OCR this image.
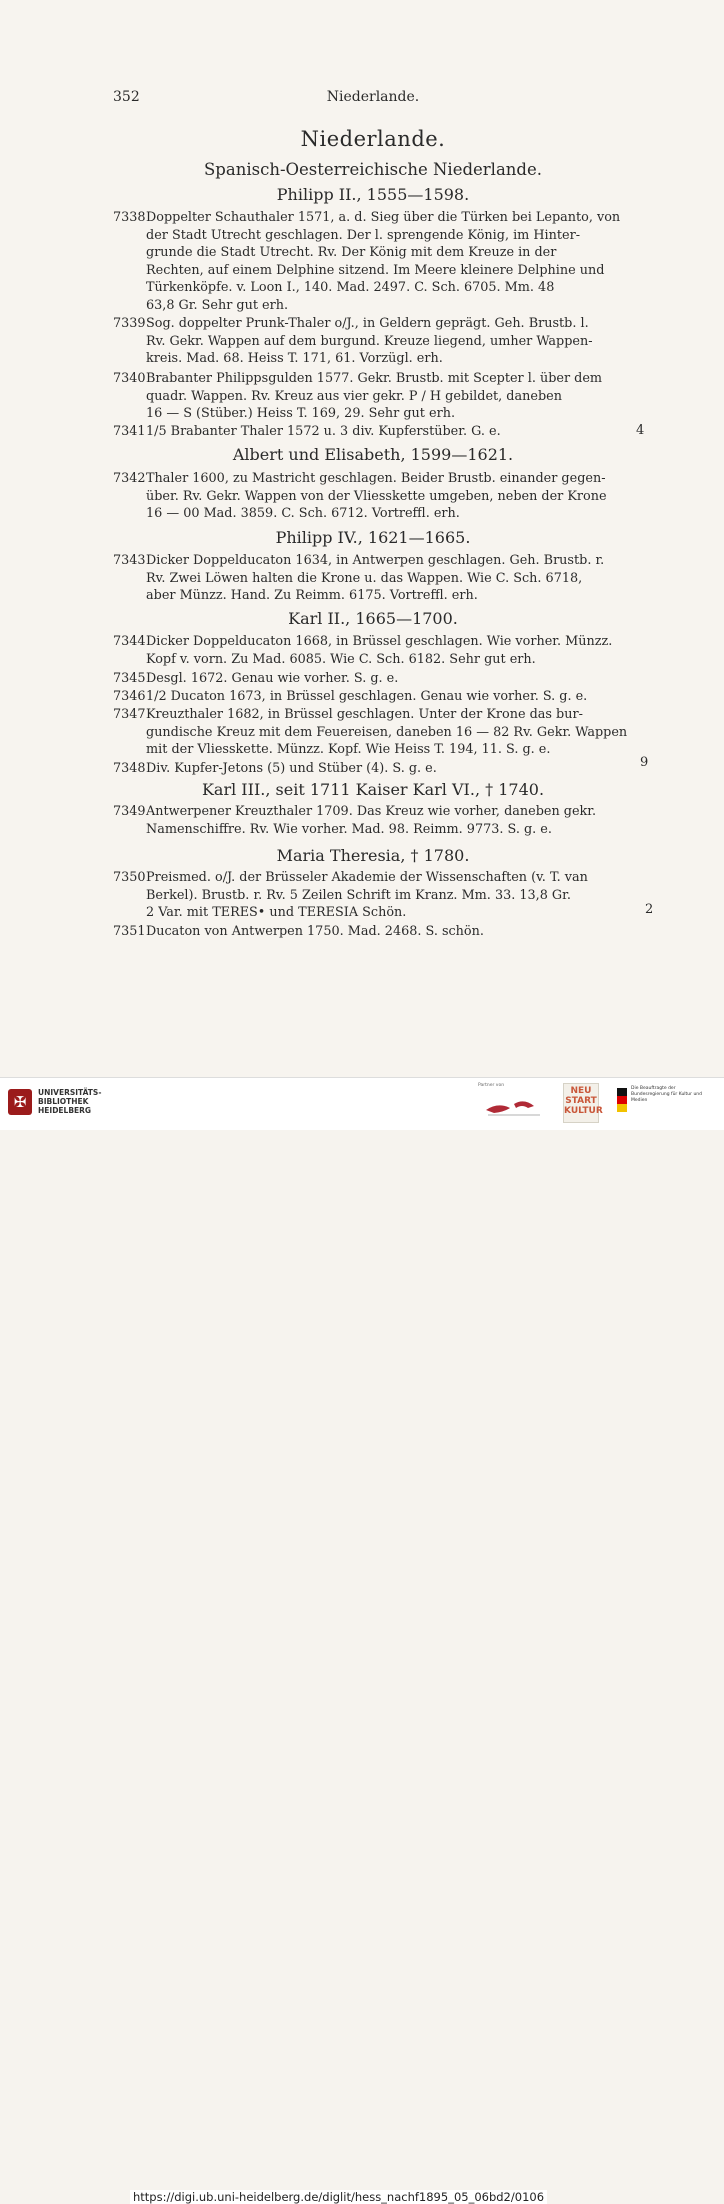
352	Niederlande.
Niederlande.
Spanisch-Oesterreichische Niederlande.
Philipp II., 1555—1598.
7338 Doppelter Schauthaler 1571, a. d. Sieg über die Türken bei Lepanto, von
der Stadt Utrecht geschlagen. Der l. sprengende König, im Hinter-
grunde die Stadt Utrecht. Rv. Der König mit dem Kreuze in der
Rechten, auf einem Delphine sitzend. Im Meere kleinere Delphine und
Türkenköpfe. v. Loon I., 140. Mad. 2497. C. Sch. 6705. Mm. 48
63,8 Gr. Sehr gut erh.
7339 Sog. doppelter Prunk-Thaler o/J., in Geldern geprägt. Geh. Brustb. l.
Rv. Gekr. Wappen auf dem burgund. Kreuze liegend, umher Wappen-
kreis. Mad. 68. Heiss T. 171, 61. Vorzügl. erh.
7340 Brabanter Philippsgulden 1577. Gekr. Brustb. mit Scepter l. über dem
quadr. Wappen. Rv. Kreuz aus vier gekr. P / H gebildet, daneben
16 — S (Stüber.) Heiss T. 169, 29. Sehr gut erh.
7341 1/5 Brabanter Thaler 1572 u. 3 div. Kupferstüber. G. e.	4
Albert und Elisabeth, 1599—1621.
7342 Thaler 1600, zu Mastricht geschlagen. Beider Brustb. einander gegen-
über. Rv. Gekr. Wappen von der Vliesskette umgeben, neben der Krone
16 — 00 Mad. 3859. C. Sch. 6712. Vortreffl. erh.
Philipp IV., 1621—1665.
7343 Dicker Doppelducaton 1634, in Antwerpen geschlagen. Geh. Brustb. r.
Rv. Zwei Löwen halten die Krone u. das Wappen. Wie C. Sch. 6718,
aber Münzz. Hand. Zu Reimm. 6175. Vortreffl. erh.
Karl II., 1665—1700.
7344 Dicker Doppelducaton 1668, in Brüssel geschlagen. Wie vorher. Münzz.
Kopf v. vorn. Zu Mad. 6085. Wie C. Sch. 6182. Sehr gut erh.
7345 Desgl. 1672. Genau wie vorher. S. g. e.
7346 1/2 Ducaton 1673, in Brüssel geschlagen. Genau wie vorher. S. g. e.
7347 Kreuzthaler 1682, in Brüssel geschlagen. Unter der Krone das bur-
gundische Kreuz mit dem Feuereisen, daneben 16 — 82 Rv. Gekr. Wappen
mit der Vliesskette. Münzz. Kopf. Wie Heiss T. 194, 11. S. g. e.
7348 Div. Kupfer-Jetons (5) und Stüber (4). S. g. e.	9
Karl III., seit 1711 Kaiser Karl VI., † 1740.
7349 Antwerpener Kreuzthaler 1709. Das Kreuz wie vorher, daneben gekr.
Namenschiffre. Rv. Wie vorher. Mad. 98. Reimm. 9773. S. g. e.
Maria Theresia, † 1780.
7350 Preismed. o/J. der Brüsseler Akademie der Wissenschaften (v. T. van
Berkel). Brustb. r. Rv. 5 Zeilen Schrift im Kranz. Mm. 33. 13,8 Gr.
2 Var. mit TERES• und TERESIA Schön.	2
7351 Ducaton von Antwerpen 1750. Mad. 2468. S. schön.
✠	UNIVERSITÄTS-
BIBLIOTHEK
HEIDELBERG
Partner von
NEU
START
KULTUR
Die Beauftragte der Bundesregierung für Kultur und Medien
https://digi.ub.uni-heidelberg.de/diglit/hess_nachf1895_05_06bd2/0106
